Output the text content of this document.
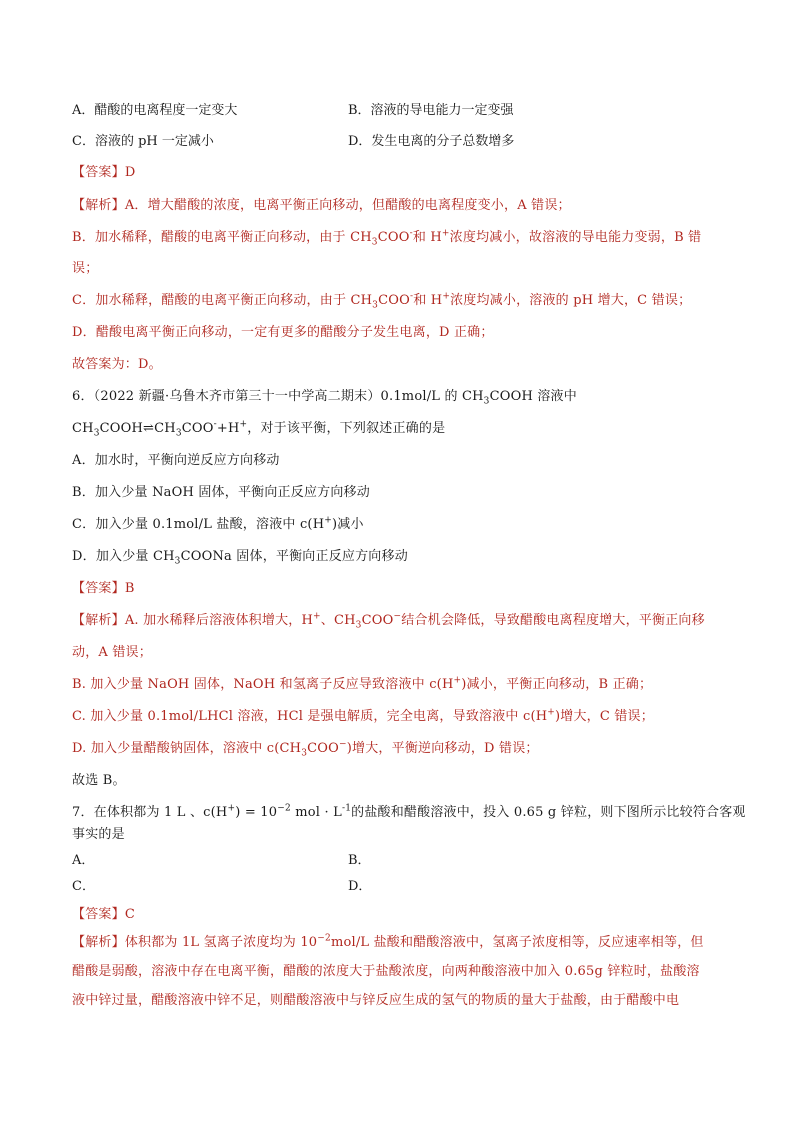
A．醋酸的电离程度一定变大	B．溶液的导电能力一定变强
C．溶液的 pH 一定减小	D．发生电离的分子总数增多
【答案】D
【解析】A．增大醋酸的浓度，电离平衡正向移动，但醋酸的电离程度变小，A 错误；
B．加水稀释，醋酸的电离平衡正向移动，由于 $CH_3COO^-$和 H+浓度均减小，故溶液的导电能力变弱，B 错
误；
C．加水稀释，醋酸的电离平衡正向移动，由于 $CH_3COO^-$和 H+浓度均减小，溶液的 pH 增大，C 错误；
D．醋酸电离平衡正向移动，一定有更多的醋酸分子发生电离，D 正确；
故答案为：D。
6．（2022 新疆·乌鲁木齐市第三十一中学高二期末）0.1mol/L 的 $CH_3COOH$ 溶液中
$CH_3COOH\rightleftharpoons CH_3COO^-+H^+$，对于该平衡，下列叙述正确的是
A．加水时，平衡向逆反应方向移动
B．加入少量 NaOH 固体，平衡向正反应方向移动
C．加入少量 0.1mol/L 盐酸，溶液中 c(H+)减小
D．加入少量 $CH_3COONa$ 固体，平衡向正反应方向移动
【答案】B
【解析】A. 加水稀释后溶液体积增大，H+、$CH_3COO^-$结合机会降低，导致醋酸电离程度增大，平衡正向移
动，A 错误；
B. 加入少量 NaOH 固体，NaOH 和氢离子反应导致溶液中 c(H+)减小，平衡正向移动，B 正确；
C. 加入少量 0.1mol/LHCl 溶液，HCl 是强电解质，完全电离，导致溶液中 c(H+)增大，C 错误；
D. 加入少量醋酸钠固体，溶液中 $c(CH_3COO^-)$增大，平衡逆向移动，D 错误；
故选 B。
7．在体积都为 1 L 、$c(H^+) = 10^{-2}$ mol · $L^{-1}$的盐酸和醋酸溶液中，投入 0.65 g 锌粒，则下图所示比较符合客观
事实的是
A．	B．
C．	D．
【答案】C
【解析】体积都为 1L 氢离子浓度均为 $10^{-2}mol/L$ 盐酸和醋酸溶液中，氢离子浓度相等，反应速率相等，但
醋酸是弱酸，溶液中存在电离平衡，醋酸的浓度大于盐酸浓度，向两种酸溶液中加入 0.65g 锌粒时，盐酸溶
液中锌过量，醋酸溶液中锌不足，则醋酸溶液中与锌反应生成的氢气的物质的量大于盐酸，由于醋酸中电
